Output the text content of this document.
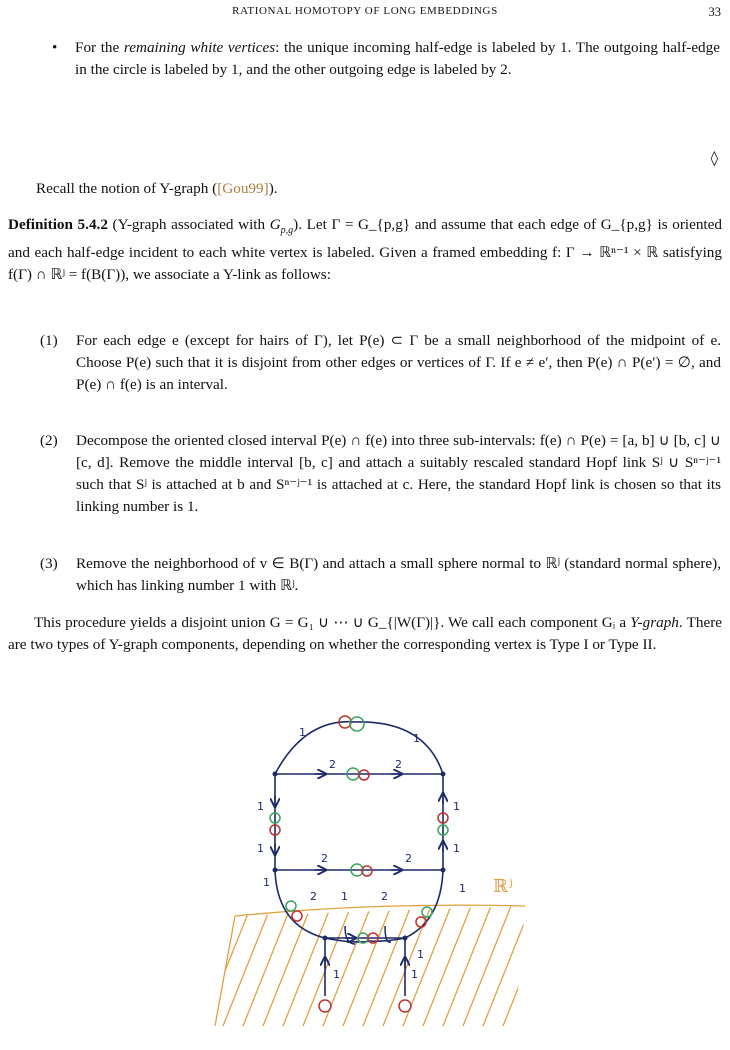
RATIONAL HOMOTOPY OF LONG EMBEDDINGS	33
• For the remaining white vertices: the unique incoming half-edge is labeled by 1. The outgoing half-edge in the circle is labeled by 1, and the other outgoing edge is labeled by 2.
◊
Recall the notion of Y-graph ([Gou99]).
Definition 5.4.2 (Y-graph associated with $G_{p,g}$). Let Γ = G_{p,g} and assume that each edge of G_{p,g} is oriented and each half-edge incident to each white vertex is labeled. Given a framed embedding f: Γ → ℝⁿ⁻¹ × ℝ satisfying f(Γ) ∩ ℝʲ = f(B(Γ)), we associate a Y-link as follows:
(1) For each edge e (except for hairs of Γ), let P(e) ⊂ Γ be a small neighborhood of the midpoint of e. Choose P(e) such that it is disjoint from other edges or vertices of Γ. If e ≠ e′, then P(e) ∩ P(e′) = ∅, and P(e) ∩ f(e) is an interval.
(2) Decompose the oriented closed interval P(e) ∩ f(e) into three sub-intervals: f(e) ∩ P(e) = [a, b] ∪ [b, c] ∪ [c, d]. Remove the middle interval [b, c] and attach a suitably rescaled standard Hopf link Sʲ ∪ Sⁿ⁻ʲ⁻¹ such that Sʲ is attached at b and Sⁿ⁻ʲ⁻¹ is attached at c. Here, the standard Hopf link is chosen so that its linking number is 1.
(3) Remove the neighborhood of v ∈ B(Γ) and attach a small sphere normal to ℝʲ (standard normal sphere), which has linking number 1 with ℝʲ.
This procedure yields a disjoint union G = G₁ ∪ ⋯ ∪ G_{|W(Γ)|}. We call each component Gᵢ a Y-graph. There are two types of Y-graph components, depending on whether the corresponding vertex is Type I or Type II.
ℝʲ
1	1
2	2
1	1
1	1
2	2
1	1
2 1	2
1
1	1
